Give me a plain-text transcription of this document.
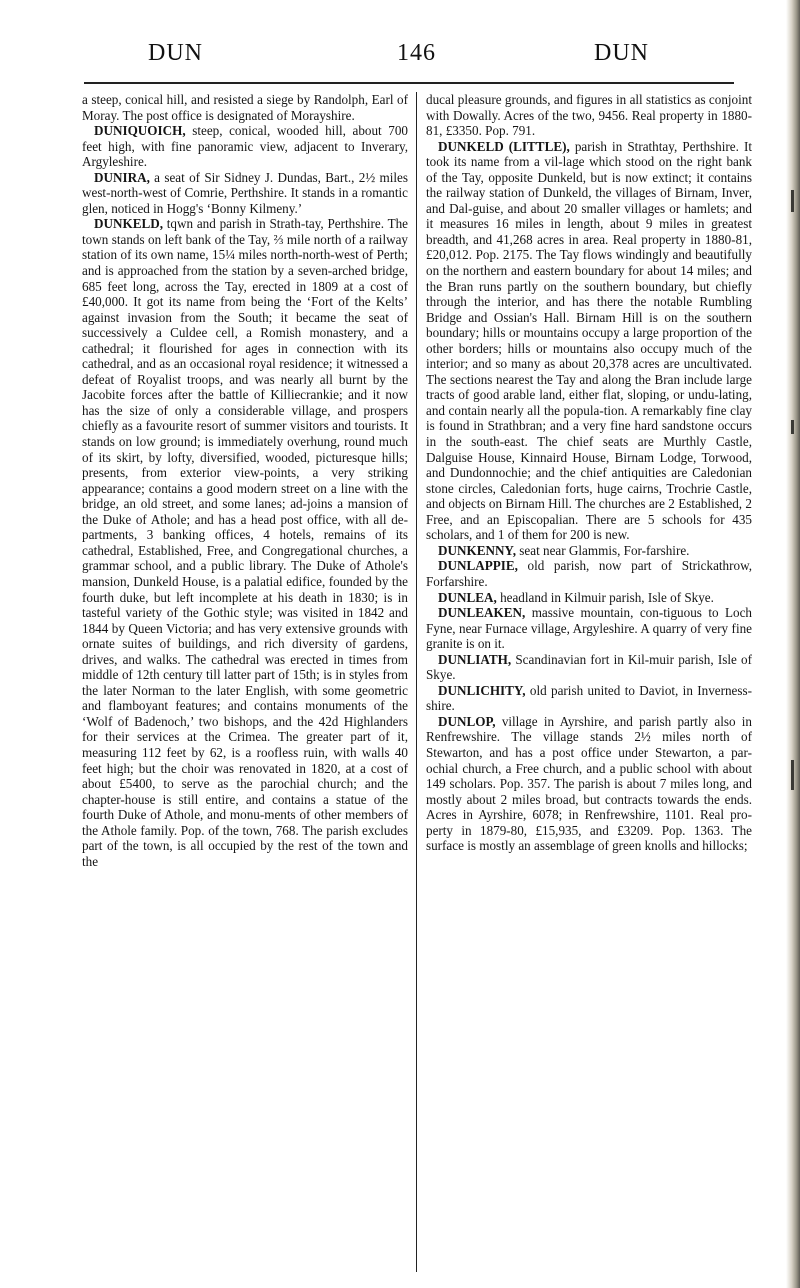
DUN	146	DUN

a steep, conical hill, and resisted a siege by Randolph, Earl of Moray. The post office is designated of Morayshire.

DUNIQUOICH, steep, conical, wooded hill, about 700 feet high, with fine panoramic view, adjacent to Inverary, Argyleshire.

DUNIRA, a seat of Sir Sidney J. Dundas, Bart., 2½ miles west-north-west of Comrie, Perthshire. It stands in a romantic glen, noticed in Hogg's ‘Bonny Kilmeny.’

DUNKELD, tqwn and parish in Strath-tay, Perthshire. The town stands on left bank of the Tay, ⅔ mile north of a railway station of its own name, 15¼ miles north-north-west of Perth; and is approached from the station by a seven-arched bridge, 685 feet long, across the Tay, erected in 1809 at a cost of £40,000. It got its name from being the ‘Fort of the Kelts’ against invasion from the South; it became the seat of successively a Culdee cell, a Romish monastery, and a cathedral; it flourished for ages in connection with its cathedral, and as an occasional royal residence; it witnessed a defeat of Royalist troops, and was nearly all burnt by the Jacobite forces after the battle of Killiecrankie; and it now has the size of only a considerable village, and prospers chiefly as a favourite resort of summer visitors and tourists. It stands on low ground; is immediately overhung, round much of its skirt, by lofty, diversified, wooded, picturesque hills; presents, from exterior view-points, a very striking appearance; contains a good modern street on a line with the bridge, an old street, and some lanes; ad-joins a mansion of the Duke of Athole; and has a head post office, with all de-partments, 3 banking offices, 4 hotels, remains of its cathedral, Established, Free, and Congregational churches, a grammar school, and a public library. The Duke of Athole's mansion, Dunkeld House, is a palatial edifice, founded by the fourth duke, but left incomplete at his death in 1830; is in tasteful variety of the Gothic style; was visited in 1842 and 1844 by Queen Victoria; and has very extensive grounds with ornate suites of buildings, and rich diversity of gardens, drives, and walks. The cathedral was erected in times from middle of 12th century till latter part of 15th; is in styles from the later Norman to the later English, with some geometric and flamboyant features; and contains monuments of the ‘Wolf of Badenoch,’ two bishops, and the 42d Highlanders for their services at the Crimea. The greater part of it, measuring 112 feet by 62, is a roofless ruin, with walls 40 feet high; but the choir was renovated in 1820, at a cost of about £5400, to serve as the parochial church; and the chapter-house is still entire, and contains a statue of the fourth Duke of Athole, and monu-ments of other members of the Athole family. Pop. of the town, 768. The parish excludes part of the town, is all occupied by the rest of the town and the

ducal pleasure grounds, and figures in all statistics as conjoint with Dowally. Acres of the two, 9456. Real property in 1880-81, £3350. Pop. 791.

DUNKELD (LITTLE), parish in Strathtay, Perthshire. It took its name from a vil-lage which stood on the right bank of the Tay, opposite Dunkeld, but is now extinct; it contains the railway station of Dunkeld, the villages of Birnam, Inver, and Dal-guise, and about 20 smaller villages or hamlets; and it measures 16 miles in length, about 9 miles in greatest breadth, and 41,268 acres in area. Real property in 1880-81, £20,012. Pop. 2175. The Tay flows windingly and beautifully on the northern and eastern boundary for about 14 miles; and the Bran runs partly on the southern boundary, but chiefly through the interior, and has there the notable Rumbling Bridge and Ossian's Hall. Birnam Hill is on the southern boundary; hills or mountains occupy a large proportion of the other borders; hills or mountains also occupy much of the interior; and so many as about 20,378 acres are uncultivated. The sections nearest the Tay and along the Bran include large tracts of good arable land, either flat, sloping, or undu-lating, and contain nearly all the popula-tion. A remarkably fine clay is found in Strathbran; and a very fine hard sandstone occurs in the south-east. The chief seats are Murthly Castle, Dalguise House, Kinnaird House, Birnam Lodge, Torwood, and Dundonnochie; and the chief antiquities are Caledonian stone circles, Caledonian forts, huge cairns, Trochrie Castle, and objects on Birnam Hill. The churches are 2 Established, 2 Free, and an Episcopalian. There are 5 schools for 435 scholars, and 1 of them for 200 is new.

DUNKENNY, seat near Glammis, For-farshire.

DUNLAPPIE, old parish, now part of Strickathrow, Forfarshire.

DUNLEA, headland in Kilmuir parish, Isle of Skye.

DUNLEAKEN, massive mountain, con-tiguous to Loch Fyne, near Furnace village, Argyleshire. A quarry of very fine granite is on it.

DUNLIATH, Scandinavian fort in Kil-muir parish, Isle of Skye.

DUNLICHITY, old parish united to Daviot, in Inverness-shire.

DUNLOP, village in Ayrshire, and parish partly also in Renfrewshire. The village stands 2½ miles north of Stewarton, and has a post office under Stewarton, a par-ochial church, a Free church, and a public school with about 149 scholars. Pop. 357. The parish is about 7 miles long, and mostly about 2 miles broad, but contracts towards the ends. Acres in Ayrshire, 6078; in Renfrewshire, 1101. Real pro-perty in 1879-80, £15,935, and £3209. Pop. 1363. The surface is mostly an assemblage of green knolls and hillocks;
